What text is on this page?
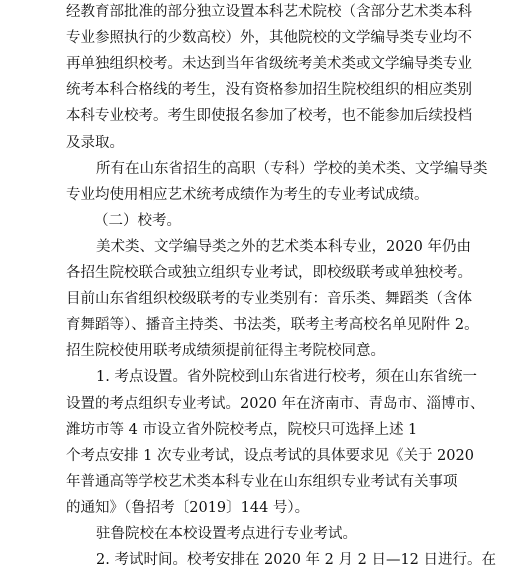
经教育部批准的部分独立设置本科艺术院校（含部分艺术类本科
专业参照执行的少数高校）外，其他院校的文学编导类专业均不
再单独组织校考。未达到当年省级统考美术类或文学编导类专业
统考本科合格线的考生，没有资格参加招生院校组织的相应类别
本科专业校考。考生即使报名参加了校考，也不能参加后续投档
及录取。
所有在山东省招生的高职（专科）学校的美术类、文学编导类
专业均使用相应艺术统考成绩作为考生的专业考试成绩。
（二）校考。
美术类、文学编导类之外的艺术类本科专业，2020 年仍由
各招生院校联合或独立组织专业考试，即校级联考或单独校考。
目前山东省组织校级联考的专业类别有：音乐类、舞蹈类（含体
育舞蹈等）、播音主持类、书法类，联考主考高校名单见附件 2。
招生院校使用联考成绩须提前征得主考院校同意。
1. 考点设置。省外院校到山东省进行校考，须在山东省统一
设置的考点组织专业考试。2020 年在济南市、青岛市、淄博市、
潍坊市等 4 市设立省外院校考点，院校只可选择上述 1
个考点安排 1 次专业考试，设点考试的具体要求见《关于 2020
年普通高等学校艺术类本科专业在山东组织专业考试有关事项
的通知》（鲁招考〔2019〕144 号）。
驻鲁院校在本校设置考点进行专业考试。
2. 考试时间。校考安排在 2020 年 2 月 2 日—12 日进行。在
